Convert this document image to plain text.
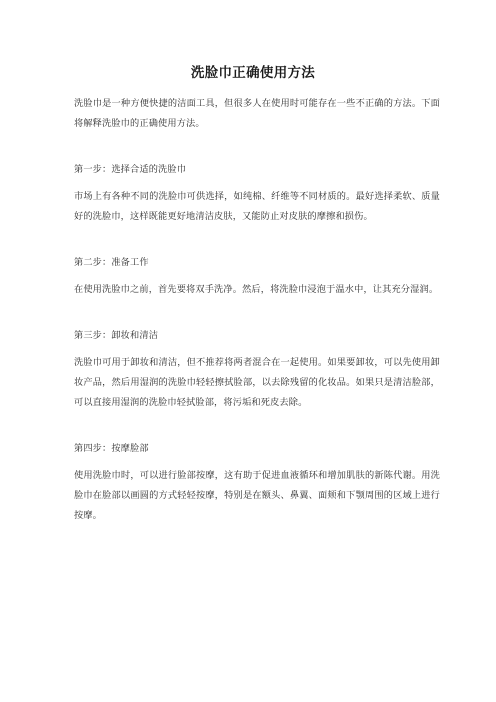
洗脸巾正确使用方法

洗脸巾是一种方便快捷的洁面工具，但很多人在使用时可能存在一些不正确的方法。下面将解释洗脸巾的正确使用方法。

第一步：选择合适的洗脸巾

市场上有各种不同的洗脸巾可供选择，如纯棉、纤维等不同材质的。最好选择柔软、质量好的洗脸巾，这样既能更好地清洁皮肤，又能防止对皮肤的摩擦和损伤。

第二步：准备工作

在使用洗脸巾之前，首先要将双手洗净。然后，将洗脸巾浸泡于温水中，让其充分湿润。

第三步：卸妆和清洁

洗脸巾可用于卸妆和清洁，但不推荐将两者混合在一起使用。如果要卸妆，可以先使用卸妆产品，然后用湿润的洗脸巾轻轻擦拭脸部，以去除残留的化妆品。如果只是清洁脸部，可以直接用湿润的洗脸巾轻拭脸部，将污垢和死皮去除。

第四步：按摩脸部

使用洗脸巾时，可以进行脸部按摩，这有助于促进血液循环和增加肌肤的新陈代谢。用洗脸巾在脸部以画圆的方式轻轻按摩，特别是在额头、鼻翼、面颊和下颚周围的区域上进行按摩。
